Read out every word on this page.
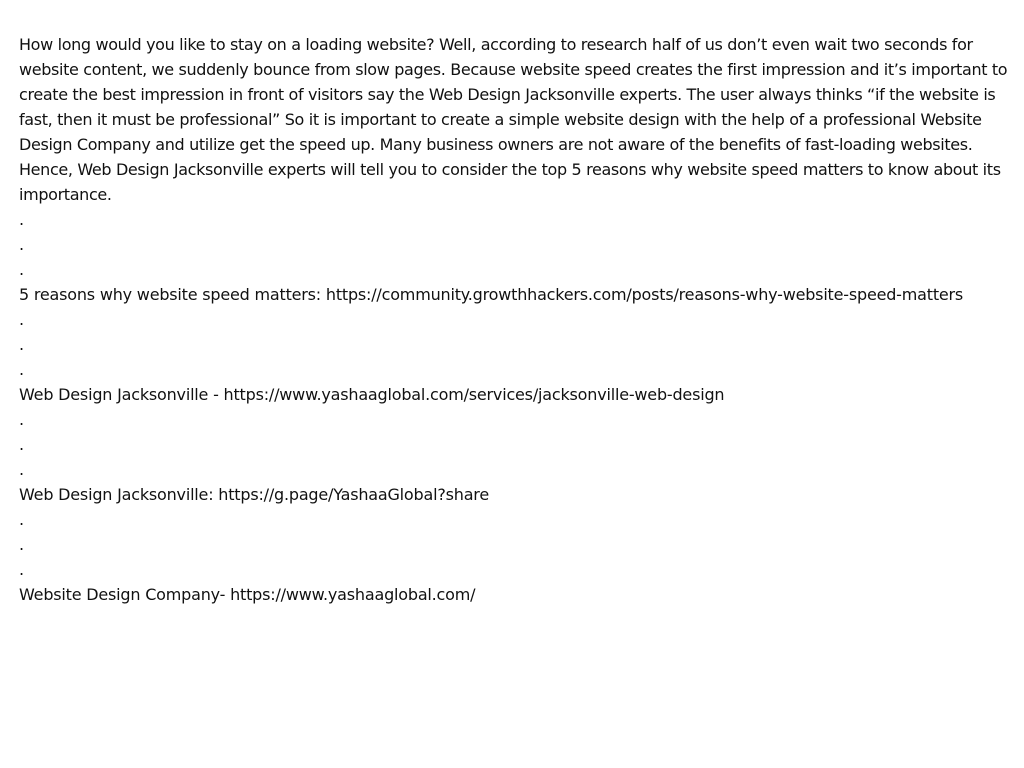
How long would you like to stay on a loading website? Well, according to research half of us don’t even wait two seconds for website content, we suddenly bounce from slow pages. Because website speed creates the first impression and it’s important to create the best impression in front of visitors say the Web Design Jacksonville experts. The user always thinks “if the website is fast, then it must be professional” So it is important to create a simple website design with the help of a professional Website Design Company and utilize get the speed up. Many business owners are not aware of the benefits of fast-loading websites. Hence, Web Design Jacksonville experts will tell you to consider the top 5 reasons why website speed matters to know about its importance.

.

.

.

5 reasons why website speed matters: https://community.growthhackers.com/posts/reasons-why-website-speed-matters

.

.

.

Web Design Jacksonville - https://www.yashaaglobal.com/services/jacksonville-web-design

.

.

.

Web Design Jacksonville: https://g.page/YashaaGlobal?share

.

.

.

Website Design Company- https://www.yashaaglobal.com/
